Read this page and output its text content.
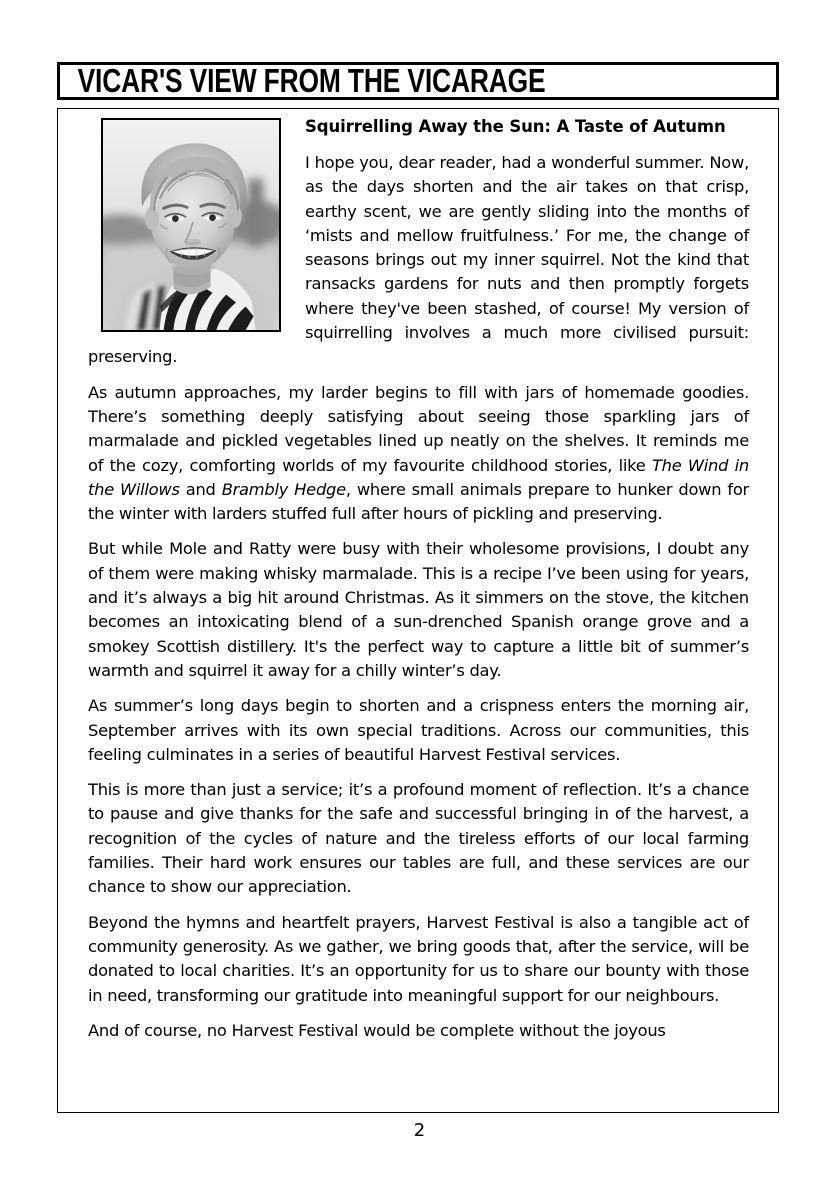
VICAR'S VIEW FROM THE VICARAGE
Squirrelling Away the Sun: A Taste of Autumn

I hope you, dear reader, had a wonderful summer. Now, as the days shorten and the air takes on that crisp, earthy scent, we are gently sliding into the months of ‘mists and mellow fruitfulness.’ For me, the change of seasons brings out my inner squirrel. Not the kind that ransacks gardens for nuts and then promptly forgets where they've been stashed, of course! My version of squirrelling involves a much more civilised pursuit: preserving.

As autumn approaches, my larder begins to fill with jars of homemade goodies. There’s something deeply satisfying about seeing those sparkling jars of marmalade and pickled vegetables lined up neatly on the shelves. It reminds me of the cozy, comforting worlds of my favourite childhood stories, like The Wind in the Willows and Brambly Hedge, where small animals prepare to hunker down for the winter with larders stuffed full after hours of pickling and preserving.

But while Mole and Ratty were busy with their wholesome provisions, I doubt any of them were making whisky marmalade. This is a recipe I’ve been using for years, and it’s always a big hit around Christmas. As it simmers on the stove, the kitchen becomes an intoxicating blend of a sun-drenched Spanish orange grove and a smokey Scottish distillery. It's the perfect way to capture a little bit of summer’s warmth and squirrel it away for a chilly winter’s day.

As summer’s long days begin to shorten and a crispness enters the morning air, September arrives with its own special traditions. Across our communities, this feeling culminates in a series of beautiful Harvest Festival services.

This is more than just a service; it’s a profound moment of reflection. It’s a chance to pause and give thanks for the safe and successful bringing in of the harvest, a recognition of the cycles of nature and the tireless efforts of our local farming families. Their hard work ensures our tables are full, and these services are our chance to show our appreciation.

Beyond the hymns and heartfelt prayers, Harvest Festival is also a tangible act of community generosity. As we gather, we bring goods that, after the service, will be donated to local charities. It’s an opportunity for us to share our bounty with those in need, transforming our gratitude into meaningful support for our neighbours.

And of course, no Harvest Festival would be complete without the joyous

2
